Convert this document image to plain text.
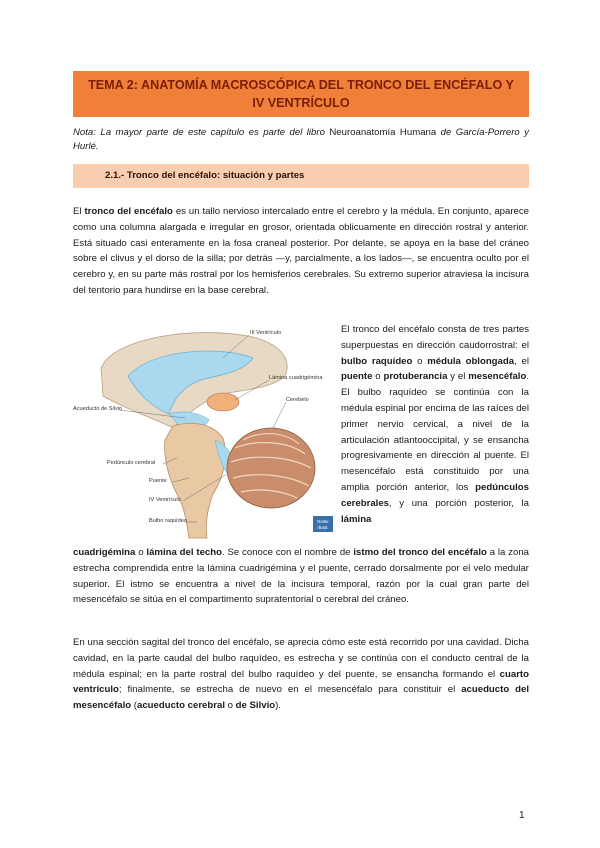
TEMA 2: ANATOMÍA MACROSCÓPICA DEL TRONCO DEL ENCÉFALO Y
IV VENTRÍCULO

Nota: La mayor parte de este capítulo es parte del libro Neuroanatomía Humana de García-Porrero y Hurlé.

2.1.- Tronco del encéfalo: situación y partes

El tronco del encéfalo es un tallo nervioso intercalado entre el cerebro y la médula. En conjunto, aparece como una columna alargada e irregular en grosor, orientada oblicuamente en dirección rostral y anterior. Está situado casi enteramente en la fosa craneal posterior. Por delante, se apoya en la base del cráneo sobre el clivus y el dorso de la silla; por detrás —y, parcialmente, a los lados—, se encuentra oculto por el cerebro y, en su parte más rostral por los hemisferios cerebrales. Su extremo superior atraviesa la incisura del tentorio para hundirse en la base cerebral.

Netter
Illustr.
III Ventrículo
Lámina cuadrigémina
Cerebelo
Acueducto de Silvio
Pedúnculo cerebral
Puente
IV Ventrículo
Bulbo raquídeo

El tronco del encéfalo consta de tres partes superpuestas en dirección caudorrostral: el bulbo raquídeo o médula oblongada, el puente o protuberancia y el mesencéfalo. El bulbo raquídeo se continúa con la médula espinal por encima de las raíces del primer nervio cervical, a nivel de la articulación atlantooccipital, y se ensancha progresivamente en dirección al puente. El mesencéfalo está constituido por una amplia porción anterior, los pedúnculos cerebrales, y una porción posterior, la lámina

cuadrigémina o lámina del techo. Se conoce con el nombre de istmo del tronco del encéfalo a la zona estrecha comprendida entre la lámina cuadrigémina y el puente, cerrado dorsalmente por el velo medular superior. El istmo se encuentra a nivel de la incisura temporal, razón por la cual gran parte del mesencéfalo se sitúa en el compartimento supratentorial o cerebral del cráneo.

En una sección sagital del tronco del encéfalo, se aprecia cómo este está recorrido por una cavidad. Dicha cavidad, en la parte caudal del bulbo raquídeo, es estrecha y se continúa con el conducto central de la médula espinal; en la parte rostral del bulbo raquídeo y del puente, se ensancha formando el cuarto ventrículo; finalmente, se estrecha de nuevo en el mesencéfalo para constituir el acueducto del mesencéfalo (acueducto cerebral o de Silvio).

1
